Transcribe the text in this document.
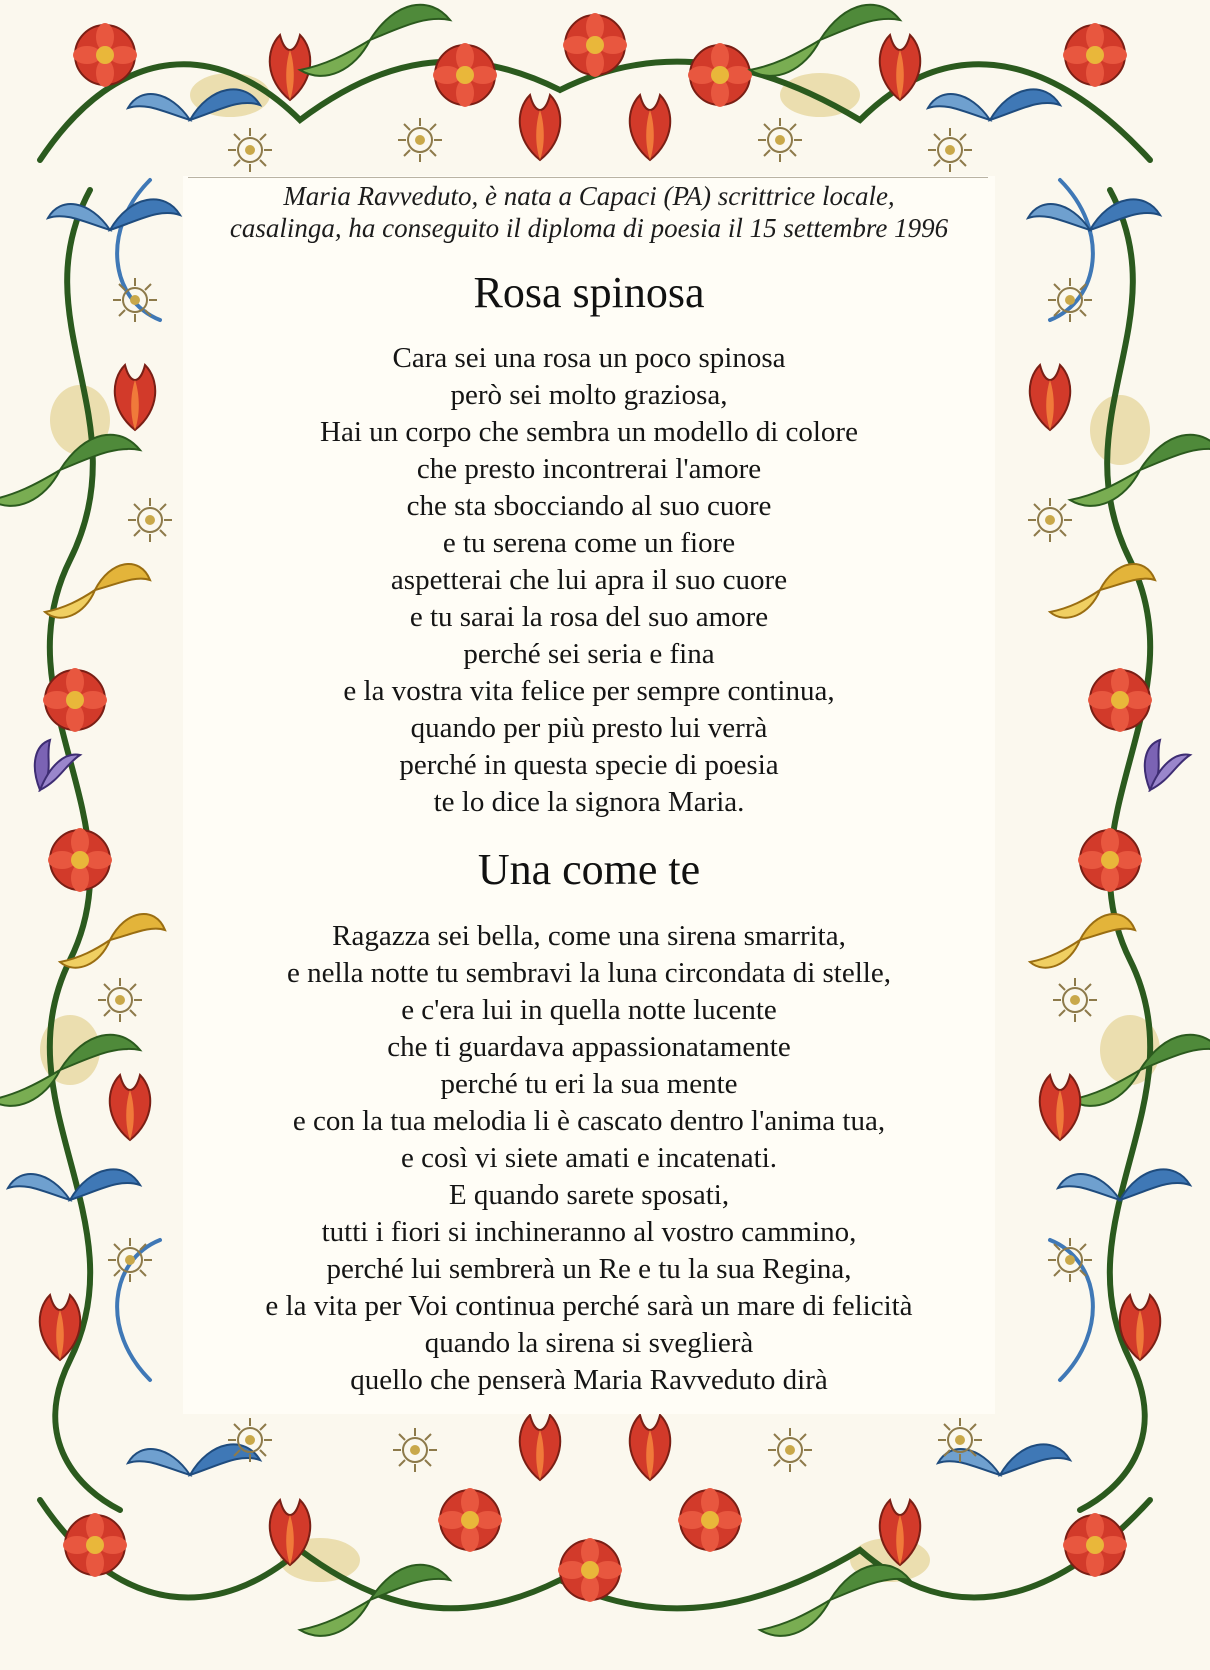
Maria Ravveduto, è nata a Capaci (PA) scrittrice locale,
casalinga, ha conseguito il diploma di poesia il 15 settembre 1996
Rosa spinosa
Cara sei una rosa un poco spinosa
però sei molto graziosa,
Hai un corpo che sembra un modello di colore
che presto incontrerai l'amore
che sta sbocciando al suo cuore
e tu serena come un fiore
aspetterai che lui apra il suo cuore
e tu sarai la rosa del suo amore
perché sei seria e fina
e la vostra vita felice per sempre continua,
quando per più presto lui verrà
perché in questa specie di poesia
te lo dice la signora Maria.
Una come te
Ragazza sei bella, come una sirena smarrita,
e nella notte tu sembravi la luna circondata di stelle,
e c'era lui in quella notte lucente
che ti guardava appassionatamente
perché tu eri la sua mente
e con la tua melodia li è cascato dentro l'anima tua,
e così vi siete amati e incatenati.
E quando sarete sposati,
tutti i fiori si inchineranno al vostro cammino,
perché lui sembrerà un Re e tu la sua Regina,
e la vita per Voi continua perché sarà un mare di felicità
quando la sirena si sveglierà
quello che penserà Maria Ravveduto dirà
